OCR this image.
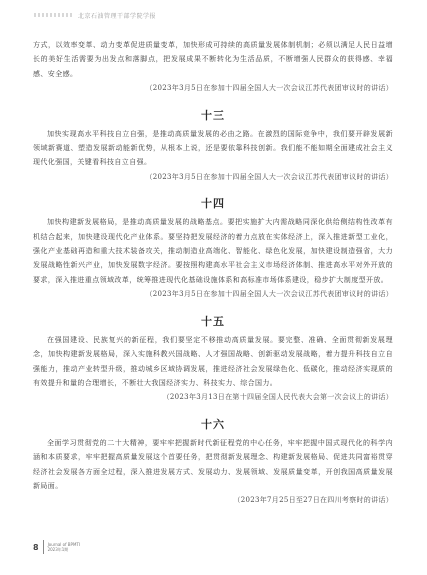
北京石油管理干部学院学报

方式，以效率变革、动力变革促进质量变革，加快形成可持续的高质量发展体制机制；必须以满足人民日益增长的美好生活需要为出发点和落脚点，把发展成果不断转化为生活品质，不断增强人民群众的获得感、幸福感、安全感。

（2023年3月5日在参加十四届全国人大一次会议江苏代表团审议时的讲话）

十三

加快实现高水平科技自立自强，是推动高质量发展的必由之路。在激烈的国际竞争中，我们要开辟发展新领域新赛道、塑造发展新动能新优势，从根本上说，还是要依靠科技创新。我们能不能如期全面建成社会主义现代化强国，关键看科技自立自强。

（2023年3月5日在参加十四届全国人大一次会议江苏代表团审议时的讲话）

十四

加快构建新发展格局，是推动高质量发展的战略基点。要把实施扩大内需战略同深化供给侧结构性改革有机结合起来，加快建设现代化产业体系。要坚持把发展经济的着力点放在实体经济上，深入推进新型工业化，强化产业基础再造和重大技术装备攻关，推动制造业高端化、智能化、绿色化发展，加快建设制造强省，大力发展战略性新兴产业，加快发展数字经济。要按照构建高水平社会主义市场经济体制、推进高水平对外开放的要求，深入推进重点领域改革，统筹推进现代化基础设施体系和高标准市场体系建设，稳步扩大制度型开放。

（2023年3月5日在参加十四届全国人大一次会议江苏代表团审议时的讲话）

十五

在强国建设、民族复兴的新征程，我们要坚定不移推动高质量发展。要完整、准确、全面贯彻新发展理念，加快构建新发展格局，深入实施科教兴国战略、人才强国战略、创新驱动发展战略，着力提升科技自立自强能力，推动产业转型升级，推动城乡区域协调发展，推进经济社会发展绿色化、低碳化，推动经济实现质的有效提升和量的合理增长，不断壮大我国经济实力、科技实力、综合国力。

（2023年3月13日在第十四届全国人民代表大会第一次会议上的讲话）

十六

全面学习贯彻党的二十大精神，要牢牢把握新时代新征程党的中心任务，牢牢把握中国式现代化的科学内涵和本质要求，牢牢把握高质量发展这个首要任务，把贯彻新发展理念、构建新发展格局、促进共同富裕贯穿经济社会发展各方面全过程，深入推进发展方式、发展动力、发展领域、发展质量变革，开创我国高质量发展新局面。

（2023年7月25日至27日在四川考察时的讲话）

8 Journal of BPMTI
2023年1期
